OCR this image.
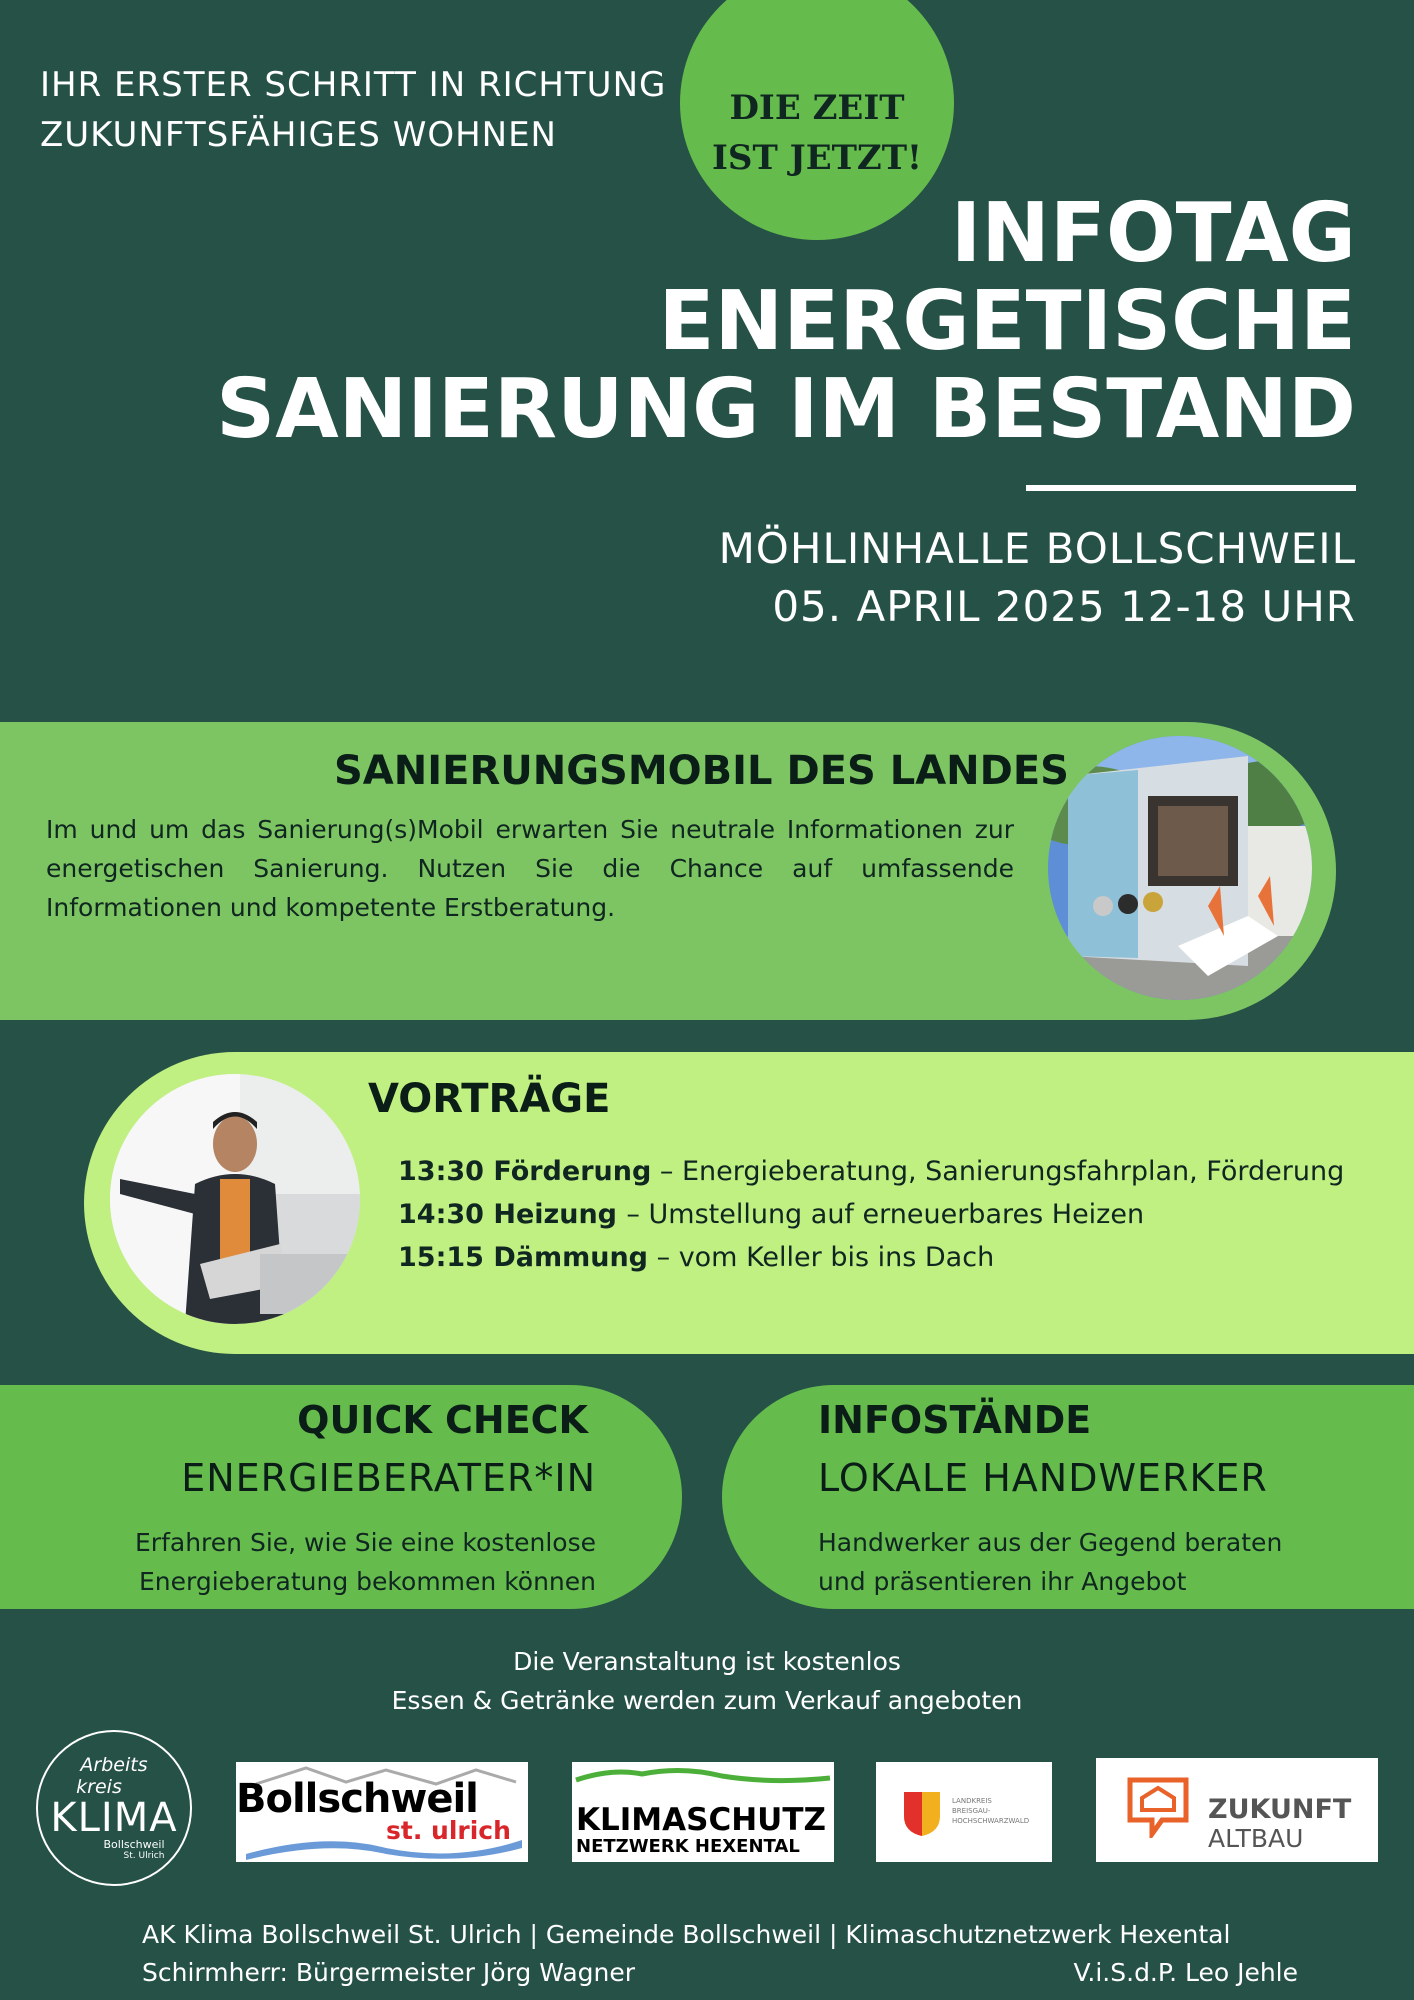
IHR ERSTER SCHRITT IN RICHTUNG
ZUKUNFTSFÄHIGES WOHNEN
DIE ZEIT
IST JETZT!
INFOTAG
ENERGETISCHE
SANIERUNG IM BESTAND
MÖHLINHALLE BOLLSCHWEIL
05. APRIL 2025 12-18 UHR
SANIERUNGSMOBIL DES LANDES
Im und um das Sanierung(s)Mobil erwarten Sie neutrale Informationen zur energetischen Sanierung. Nutzen Sie die Chance auf umfassende Informationen und kompetente Erstberatung.
VORTRÄGE
13:30 Förderung – Energieberatung, Sanierungsfahrplan, Förderung
14:30 Heizung – Umstellung auf erneuerbares Heizen
15:15 Dämmung – vom Keller bis ins Dach
QUICK CHECK
ENERGIEBERATER*IN
Erfahren Sie, wie Sie eine kostenlose
Energieberatung bekommen können
INFOSTÄNDE
LOKALE HANDWERKER
Handwerker aus der Gegend beraten
und präsentieren ihr Angebot
Die Veranstaltung ist kostenlos
Essen & Getränke werden zum Verkauf angeboten
Arbeits
kreis
KLIMA
Bollschweil
St. Ulrich
Bollschweil
st. ulrich KLIMASCHUTZ
NETZWERK HEXENTAL
LANDKREIS
BREISGAU-
HOCHSCHWARZWALD	ZUKUNFT
ALTBAU
AK Klima Bollschweil St. Ulrich | Gemeinde Bollschweil | Klimaschutznetzwerk Hexental
Schirmherr: Bürgermeister Jörg Wagner	V.i.S.d.P. Leo Jehle
